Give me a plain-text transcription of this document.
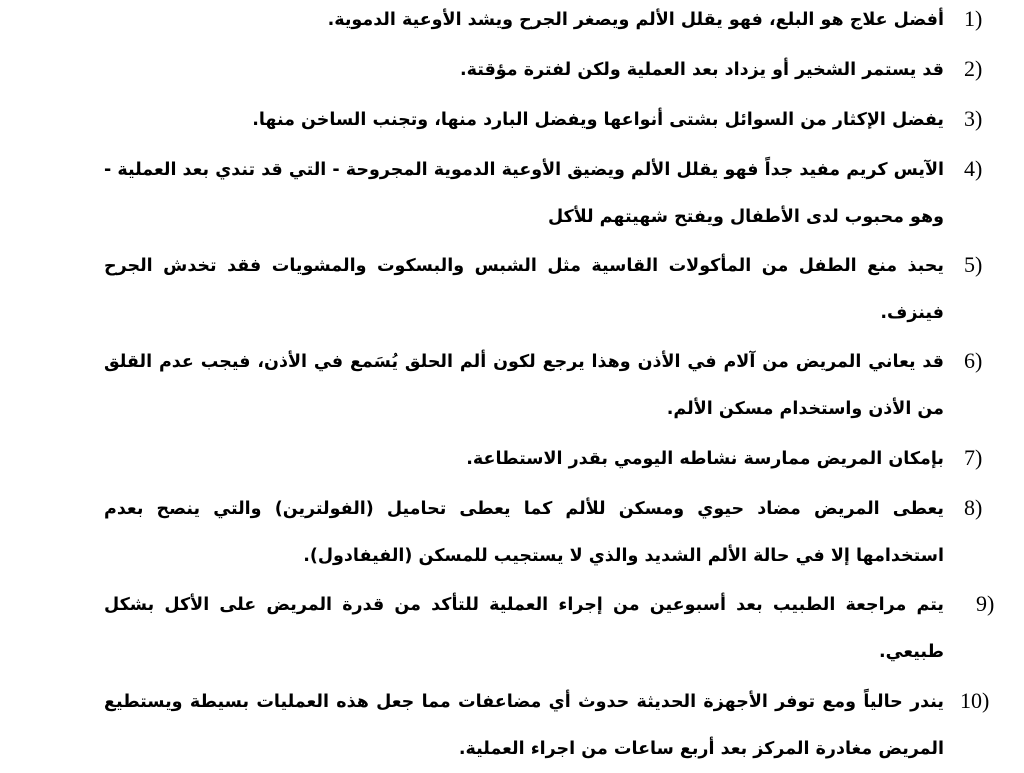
1)
أفضل علاج هو البلع، فهو يقلل الألم ويصغر الجرح ويشد الأوعية الدموية.
2)
قد يستمر الشخير أو يزداد بعد العملية ولكن لفترة مؤقتة.
3)
يفضل الإكثار من السوائل بشتى أنواعها ويفضل البارد منها، وتجنب الساخن منها.
4)
الآيس كريم مفيد جداً فهو يقلل الألم ويضيق الأوعية الدموية المجروحة - التي قد تندي بعد العملية - وهو محبوب لدى الأطفال ويفتح شهيتهم للأكل
5)
يحبذ منع الطفل من المأكولات القاسية مثل الشبس والبسكوت والمشويات فقد تخدش الجرح فينزف.
6)
قد يعاني المريض من آلام في الأذن وهذا يرجع لكون ألم الحلق يُسَمع في الأذن، فيجب عدم القلق من الأذن واستخدام مسكن الألم.
7)
بإمكان المريض ممارسة نشاطه اليومي بقدر الاستطاعة.
8)
يعطى المريض مضاد حيوي ومسكن للألم كما يعطى تحاميل (الفولترين) والتي ينصح بعدم استخدامها إلا في حالة الألم الشديد والذي لا يستجيب للمسكن (الفيفادول).
9)
يتم مراجعة الطبيب بعد أسبوعين من إجراء العملية للتأكد من قدرة المريض على الأكل بشكل طبيعي.
10)
يندر حالياً ومع توفر الأجهزة الحديثة حدوث أي مضاعفات مما جعل هذه العمليات بسيطة ويستطيع المريض مغادرة المركز بعد أربع ساعات من اجراء العملية.
